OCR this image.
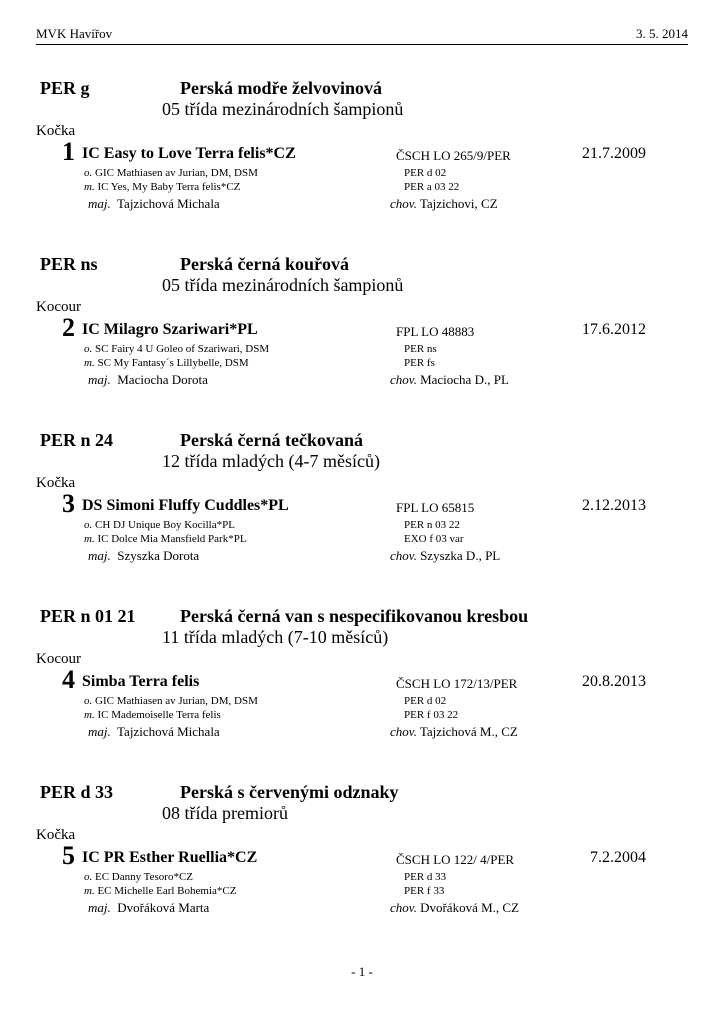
MVK Havířov	3. 5. 2014
PER g	Perská modře želvovinová
05 třída mezinárodních šampionů
Kočka
1 IC Easy to Love Terra felis*CZ	ČSCH LO 265/9/PER	21.7.2009
o. GIC Mathiasen av Jurian, DM, DSM	PER d 02
m. IC Yes, My Baby Terra felis*CZ	PER a 03 22
maj. Tajzichová Michala	chov. Tajzichovi, CZ
PER ns	Perská černá kouřová
05 třída mezinárodních šampionů
Kocour
2 IC Milagro Szariwari*PL	FPL LO 48883	17.6.2012
o. SC Fairy 4 U Goleo of Szariwari, DSM	PER ns
m. SC My Fantasy´s Lillybelle, DSM	PER fs
maj. Maciocha Dorota	chov. Maciocha D., PL
PER n 24	Perská černá tečkovaná
12 třída mladých (4-7 měsíců)
Kočka
3 DS Simoni Fluffy Cuddles*PL	FPL LO 65815	2.12.2013
o. CH DJ Unique Boy Kocilla*PL	PER n 03 22
m. IC Dolce Mia Mansfield Park*PL	EXO f 03 var
maj. Szyszka Dorota	chov. Szyszka D., PL
PER n 01 21 Perská černá van s nespecifikovanou kresbou
11 třída mladých (7-10 měsíců)
Kocour
4 Simba Terra felis	ČSCH LO 172/13/PER	20.8.2013
o. GIC Mathiasen av Jurian, DM, DSM	PER d 02
m. IC Mademoiselle Terra felis	PER f 03 22
maj. Tajzichová Michala	chov. Tajzichová M., CZ
PER d 33	Perská s červenými odznaky
08 třída premiorů
Kočka
5 IC PR Esther Ruellia*CZ	ČSCH LO 122/ 4/PER	7.2.2004
o. EC Danny Tesoro*CZ	PER d 33
m. EC Michelle Earl Bohemia*CZ	PER f 33
maj. Dvořáková Marta	chov. Dvořáková M., CZ
- 1 -
